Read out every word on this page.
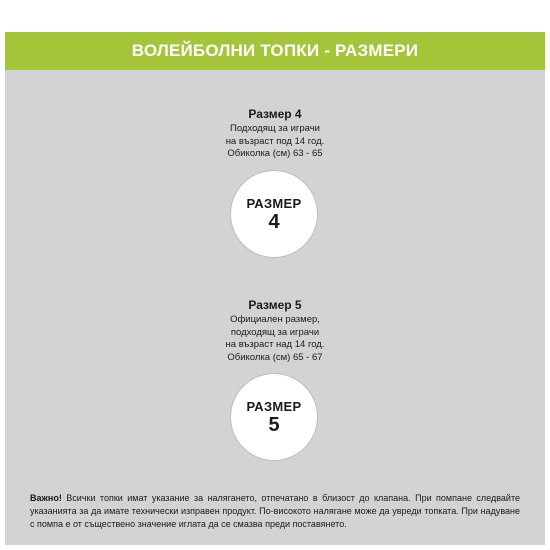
ВОЛЕЙБОЛНИ ТОПКИ - РАЗМЕРИ
Размер 4
Подходящ за играчи
на възраст под 14 год.
Обиколка (см) 63 - 65
РАЗМЕР
4
Размер 5
Официален размер,
подходящ за играчи
на възраст над 14 год.
Обиколка (см) 65 - 67
РАЗМЕР
5
Важно! Всички топки имат указание за налягането, отпечатано в близост до клапана. При помпане следвайте указанията за да имате технически изправен продукт. По-високото налягане може да увреди топката. При надуване с помпа е от съществено значение иглата да се смазва преди поставянето.
